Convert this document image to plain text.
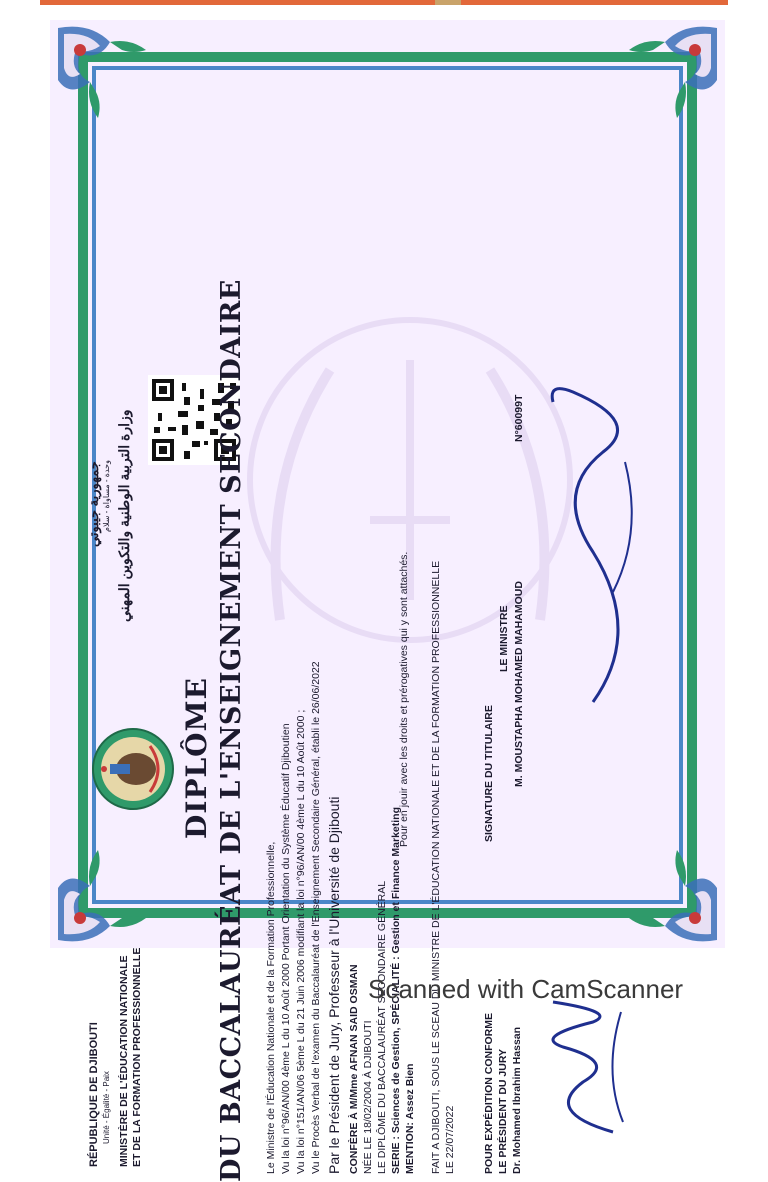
RÉPUBLIQUE DE DJIBOUTI Unité - Égalité - Paix MINISTÈRE DE L'ÉDUCATION NATIONALE ET DE LA FORMATION PROFESSIONNELLE
جمهورية جيبوتي وحدة - مساواة - سلام وزارة التربية الوطنية والتكوين المهني
DIPLÔME DU BACCALAURÉAT DE L'ENSEIGNEMENT SECONDAIRE Le Ministre de l'Éducation Nationale et de la Formation Professionnelle, Vu la loi n°96/AN/00 4ème L du 10 Août 2000 Portant Orientation du Système Éducatif Djiboutien Vu la loi n°151/AN/06 5ème L du 21 Juin 2006 modifiant la loi n°96/AN/00 4ème L du 10 Août 2000 ; Vu le Procès Verbal de l'examen du Baccalauréat de l'Enseignement Secondaire Général, établi le 26/06/2022 Par le Président de Jury, Professeur à l'Université de Djibouti CONFÈRE À M/Mme AFNAN SAID OSMAN NÉE LE 18/02/2004 À DJIBOUTI LE DIPLÔME DU BACCALAURÉAT SECONDAIRE GÉNÉRAL SERIE : Sciences de Gestion, SPÉCIALITÉ : Gestion et Finance Marketing MENTION: Assez Bien
Pour en jouir avec les droits et prérogatives qui y sont attachés. FAIT A DJIBOUTI, SOUS LE SCEAU DU MINISTRE DE L'ÉDUCATION NATIONALE ET DE LA FORMATION PROFESSIONNELLE LE 22/07/2022	POUR EXPÉDITION CONFORME LE PRÉSIDENT DU JURY Dr. Mohamed Ibrahim Hassan
SIGNATURE DU TITULAIRE
LE MINISTRE M. MOUSTAPHA MOHAMED MAHAMOUD
N°60099T
Scanned with CamScanner
